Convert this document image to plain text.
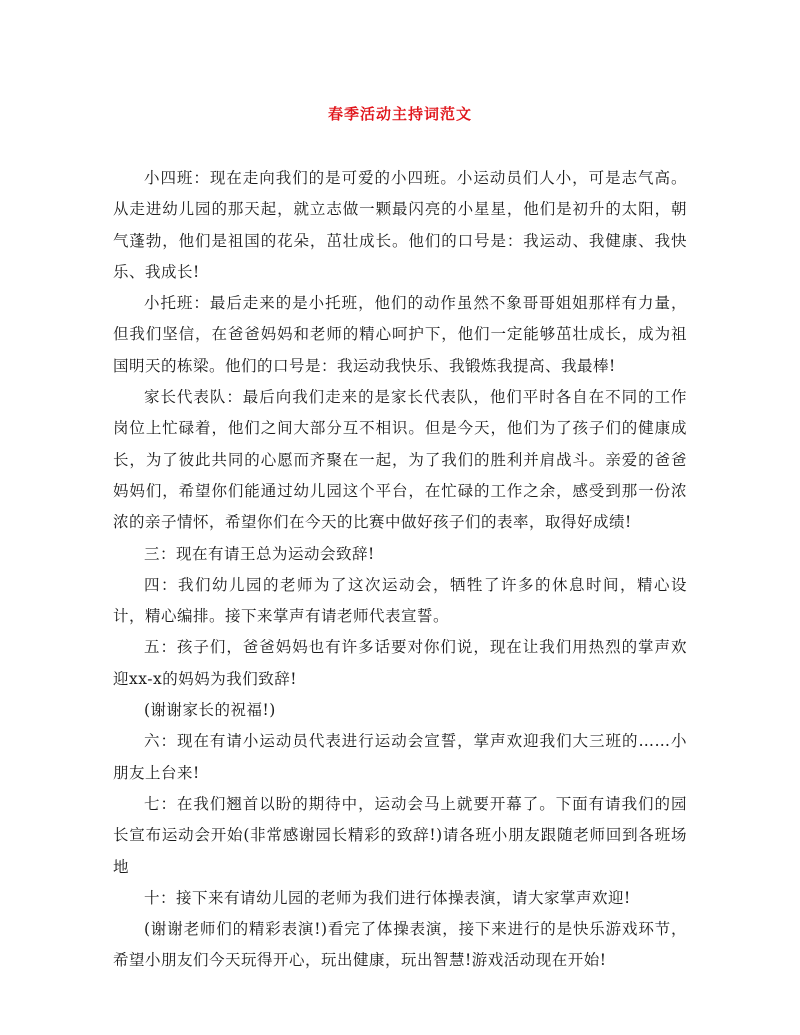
春季活动主持词范文

小四班：现在走向我们的是可爱的小四班。小运动员们人小，可是志气高。从走进幼儿园的那天起，就立志做一颗最闪亮的小星星，他们是初升的太阳，朝气蓬勃，他们是祖国的花朵，茁壮成长。他们的口号是：我运动、我健康、我快乐、我成长!

小托班：最后走来的是小托班，他们的动作虽然不象哥哥姐姐那样有力量，但我们坚信，在爸爸妈妈和老师的精心呵护下，他们一定能够茁壮成长，成为祖国明天的栋梁。他们的口号是：我运动我快乐、我锻炼我提高、我最棒!

家长代表队：最后向我们走来的是家长代表队，他们平时各自在不同的工作岗位上忙碌着，他们之间大部分互不相识。但是今天，他们为了孩子们的健康成长，为了彼此共同的心愿而齐聚在一起，为了我们的胜利并肩战斗。亲爱的爸爸妈妈们，希望你们能通过幼儿园这个平台，在忙碌的工作之余，感受到那一份浓浓的亲子情怀，希望你们在今天的比赛中做好孩子们的表率，取得好成绩!

三：现在有请王总为运动会致辞!

四：我们幼儿园的老师为了这次运动会，牺牲了许多的休息时间，精心设计，精心编排。接下来掌声有请老师代表宣誓。

五：孩子们，爸爸妈妈也有许多话要对你们说，现在让我们用热烈的掌声欢迎xx-x的妈妈为我们致辞!

(谢谢家长的祝福!)

六：现在有请小运动员代表进行运动会宣誓，掌声欢迎我们大三班的……小朋友上台来!

七：在我们翘首以盼的期待中，运动会马上就要开幕了。下面有请我们的园长宣布运动会开始(非常感谢园长精彩的致辞!)请各班小朋友跟随老师回到各班场地

十：接下来有请幼儿园的老师为我们进行体操表演，请大家掌声欢迎!

(谢谢老师们的精彩表演!)看完了体操表演，接下来进行的是快乐游戏环节，希望小朋友们今天玩得开心，玩出健康，玩出智慧!游戏活动现在开始!
